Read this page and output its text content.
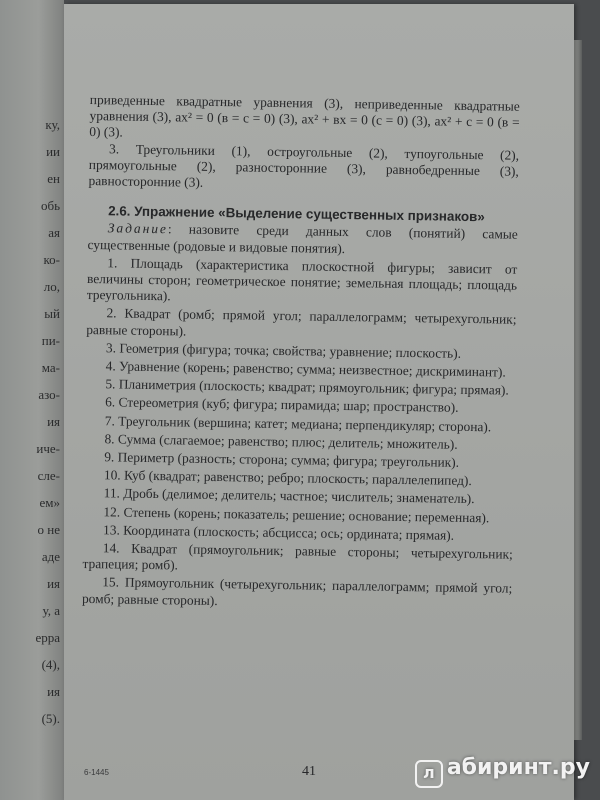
ку,
ии
ен
обь
ая
ко-
ло,
ый
пи-
ма-
азо-
ия
иче-
сле-
ем»
о не
аде
ия
у, а
ерра
(4),
ия
(5).

приведенные квадратные уравнения (3), неприведенные квадратные уравнения (3), ax² = 0 (в = с = 0) (3), ax² + вх = 0 (с = 0) (3), ax² + с = 0 (в = 0) (3).

3. Треугольники (1), остроугольные (2), тупоугольные (2), прямоугольные (2), разносторонние (3), равнобедренные (3), равносторонние (3).

2.6. Упражнение «Выделение существенных признаков»

Задание: назовите среди данных слов (понятий) самые существенные (родовые и видовые понятия).

1. Площадь (характеристика плоскостной фигуры; зависит от величины сторон; геометрическое понятие; земельная площадь; площадь треугольника).

2. Квадрат (ромб; прямой угол; параллелограмм; четырехугольник; равные стороны).

3. Геометрия (фигура; точка; свойства; уравнение; плоскость).

4. Уравнение (корень; равенство; сумма; неизвестное; дискриминант).

5. Планиметрия (плоскость; квадрат; прямоугольник; фигура; прямая).

6. Стереометрия (куб; фигура; пирамида; шар; пространство).

7. Треугольник (вершина; катет; медиана; перпендикуляр; сторона).

8. Сумма (слагаемое; равенство; плюс; делитель; множитель).

9. Периметр (разность; сторона; сумма; фигура; треугольник).

10. Куб (квадрат; равенство; ребро; плоскость; параллелепипед).

11. Дробь (делимое; делитель; частное; числитель; знаменатель).

12. Степень (корень; показатель; решение; основание; переменная).

13. Координата (плоскость; абсцисса; ось; ордината; прямая).

14. Квадрат (прямоугольник; равные стороны; четырехугольник; трапеция; ромб).

15. Прямоугольник (четырехугольник; параллелограмм; прямой угол; ромб; равные стороны).

6-1445	41	л абиринт.ру
